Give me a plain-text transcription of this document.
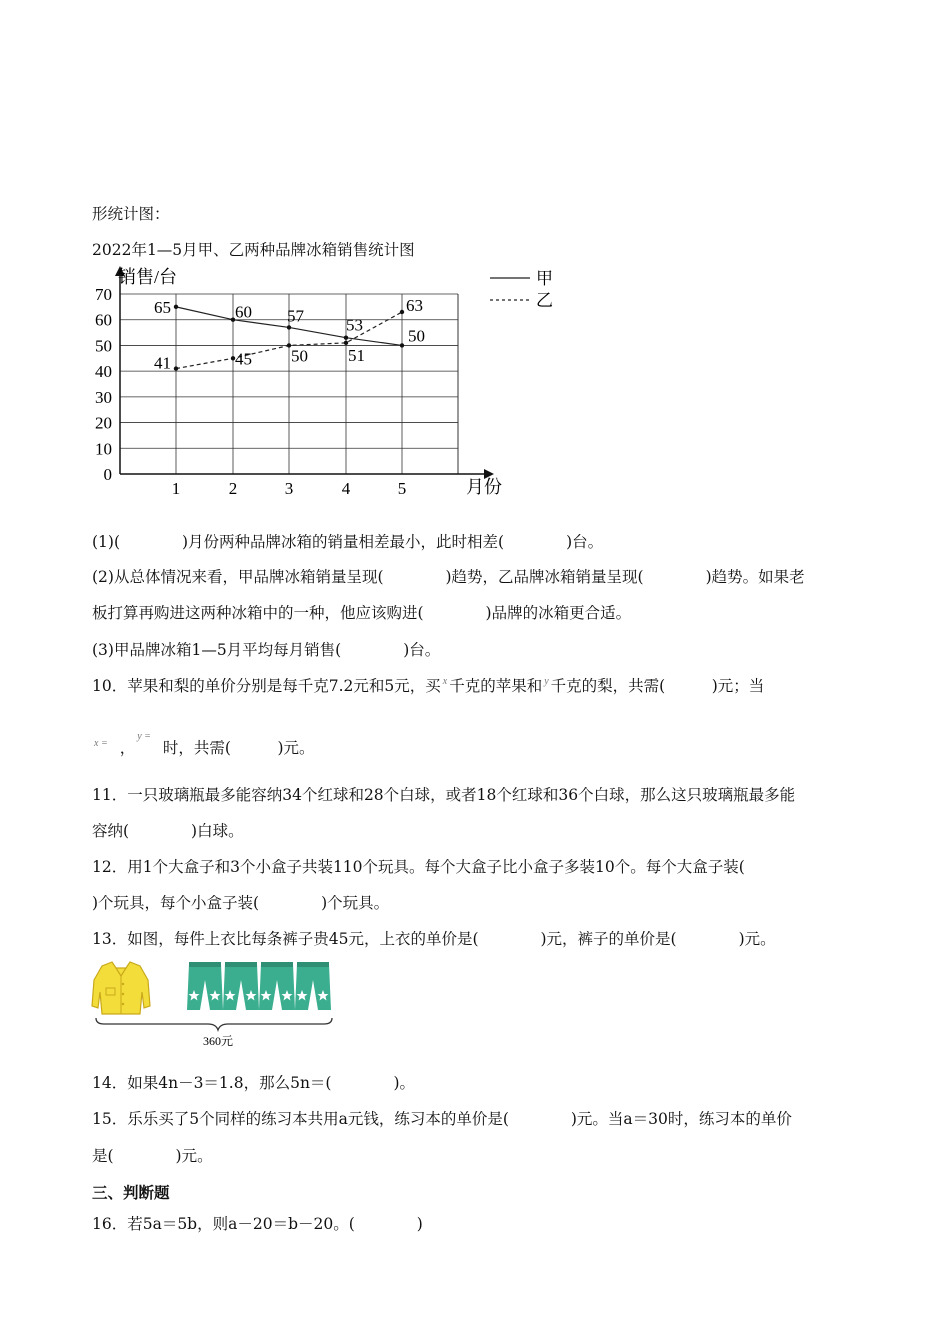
形统计图：
2022年1—5月甲、乙两种品牌冰箱销售统计图
65	60 57 53
50
41	45 50 51
63
0
10
20
30
40
50
60
70
1	2	3	4	5
销售/台
月份
甲
乙
(1)(　　　　)月份两种品牌冰箱的销量相差最小，此时相差(　　　　)台。
(2)从总体情况来看，甲品牌冰箱销量呈现(　　　　)趋势，乙品牌冰箱销量呈现(　　　　)趋势。如果老
板打算再购进这两种冰箱中的一种，他应该购进(　　　　)品牌的冰箱更合适。
(3)甲品牌冰箱1—5月平均每月销售(　　　　)台。
10．苹果和梨的单价分别是每千克7.2元和5元，买 $^x$ 千克的苹果和 $^y$ 千克的梨，共需(　　　)元；当
$^{x =}$ ，$^{y =}$时，共需(　　　)元。
11．一只玻璃瓶最多能容纳34个红球和28个白球，或者18个红球和36个白球，那么这只玻璃瓶最多能
容纳(　　　　)白球。
12．用1个大盒子和3个小盒子共装110个玩具。每个大盒子比小盒子多装10个。每个大盒子装(
)个玩具，每个小盒子装(　　　　)个玩具。
13．如图，每件上衣比每条裤子贵45元，上衣的单价是(　　　　)元，裤子的单价是(　　　　)元。
360元
14．如果4n－3＝1.8，那么5n＝(　　　　)。
15．乐乐买了5个同样的练习本共用a元钱，练习本的单价是(　　　　)元。当a＝30时，练习本的单价
是(　　　　)元。
三、判断题
16．若5a＝5b，则a－20＝b－20。(　　　　)
